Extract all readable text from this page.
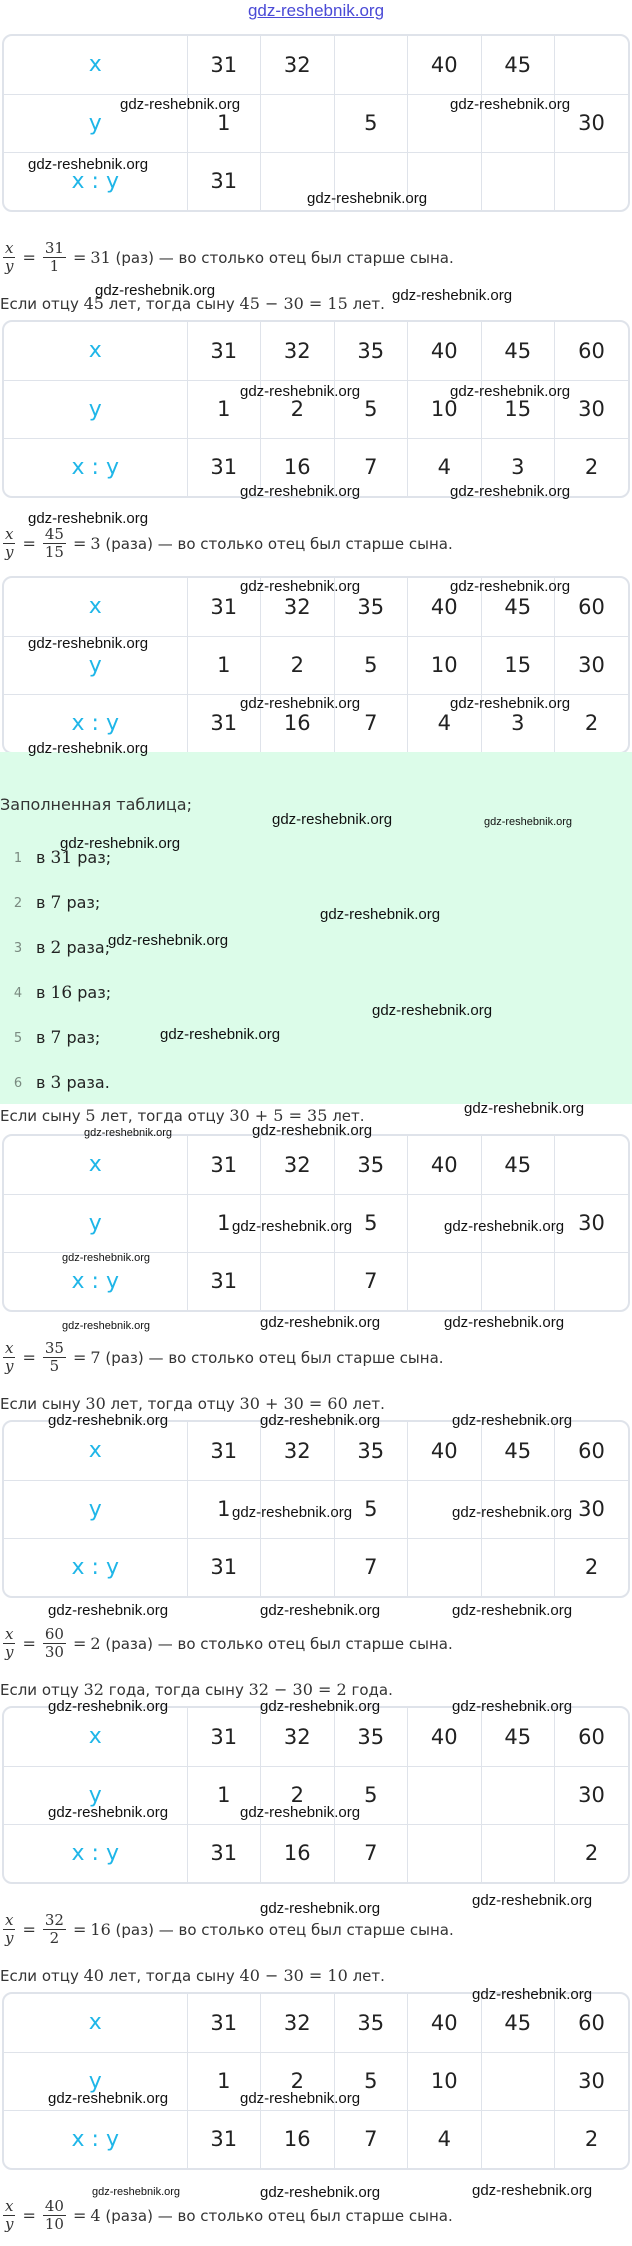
gdz-reshebnik.org
x	31	32		40	45	
y	1		5			30
x : y	31					
$\frac{x}{y} = \frac{31}{1} = 31$
(раз)
— во столько отец был старше сына.
Если отцу 45 лет, тогда сыну 45 − 30 = 15 лет.
x	31	32	35	40	45	60
y	1	2	5	10	15	30
x : y	31	16	7	4	3	2
$\frac{x}{y} = \frac{45}{15} = 3$
(раза)
— во столько отец был старше сына.
x	31	32	35	40	45	60
y	1	2	5	10	15	30
x : y	31	16	7	4	3	2
Заполненная таблица;
1 в 31 раз;
2 в 7 раз;
3 в 2 раза;
4 в 16 раз;
5 в 7 раз;
6 в 3 раза.
Если сыну 5 лет, тогда отцу 30 + 5 = 35 лет.
x	31	32	35	40	45	
y	1		5			30
x : y	31		7			
$\frac{x}{y} = \frac{35}{5} = 7$
(раз)
— во столько отец был старше сына.
Если сыну 30 лет, тогда отцу 30 + 30 = 60 лет.
x	31	32	35	40	45	60
y	1		5			30
x : y	31		7			2
$\frac{x}{y} = \frac{60}{30} = 2$
(раза)
— во столько отец был старше сына.
Если отцу 32 года, тогда сыну 32 − 30 = 2 года.
x	31	32	35	40	45	60
y	1	2	5			30
x : y	31	16	7			2
$\frac{x}{y} = \frac{32}{2} = 16$
(раз)
— во столько отец был старше сына.
Если отцу 40 лет, тогда сыну 40 − 30 = 10 лет.
x	31	32	35	40	45	60
y	1	2	5	10		30
x : y	31	16	7	4		2
$\frac{x}{y} = \frac{40}{10} = 4$
(раза)
— во столько отец был старше сына.
gdz-reshebnik.org	gdz-reshebnik.org
gdz-reshebnik.org
gdz-reshebnik.org
gdz-reshebnik.org	gdz-reshebnik.org
gdz-reshebnik.org	gdz-reshebnik.org
gdz-reshebnik.org	gdz-reshebnik.org
gdz-reshebnik.org
gdz-reshebnik.org	gdz-reshebnik.org
gdz-reshebnik.org
gdz-reshebnik.org	gdz-reshebnik.org
gdz-reshebnik.org
gdz-reshebnik.org	gdz-reshebnik.org
gdz-reshebnik.org
gdz-reshebnik.org
gdz-reshebnik.org
gdz-reshebnik.org
gdz-reshebnik.org
gdz-reshebnik.org
gdz-reshebnik.org	gdz-reshebnik.org
gdz-reshebnik.org	gdz-reshebnik.org
gdz-reshebnik.org
gdz-reshebnik.org	gdz-reshebnik.org	gdz-reshebnik.org
gdz-reshebnik.org	gdz-reshebnik.org	gdz-reshebnik.org
gdz-reshebnik.org	gdz-reshebnik.org
gdz-reshebnik.org	gdz-reshebnik.org	gdz-reshebnik.org
gdz-reshebnik.org	gdz-reshebnik.org	gdz-reshebnik.org
gdz-reshebnik.org	gdz-reshebnik.org
gdz-reshebnik.org	gdz-reshebnik.org
gdz-reshebnik.org
gdz-reshebnik.org	gdz-reshebnik.org
gdz-reshebnik.org	gdz-reshebnik.org	gdz-reshebnik.org
